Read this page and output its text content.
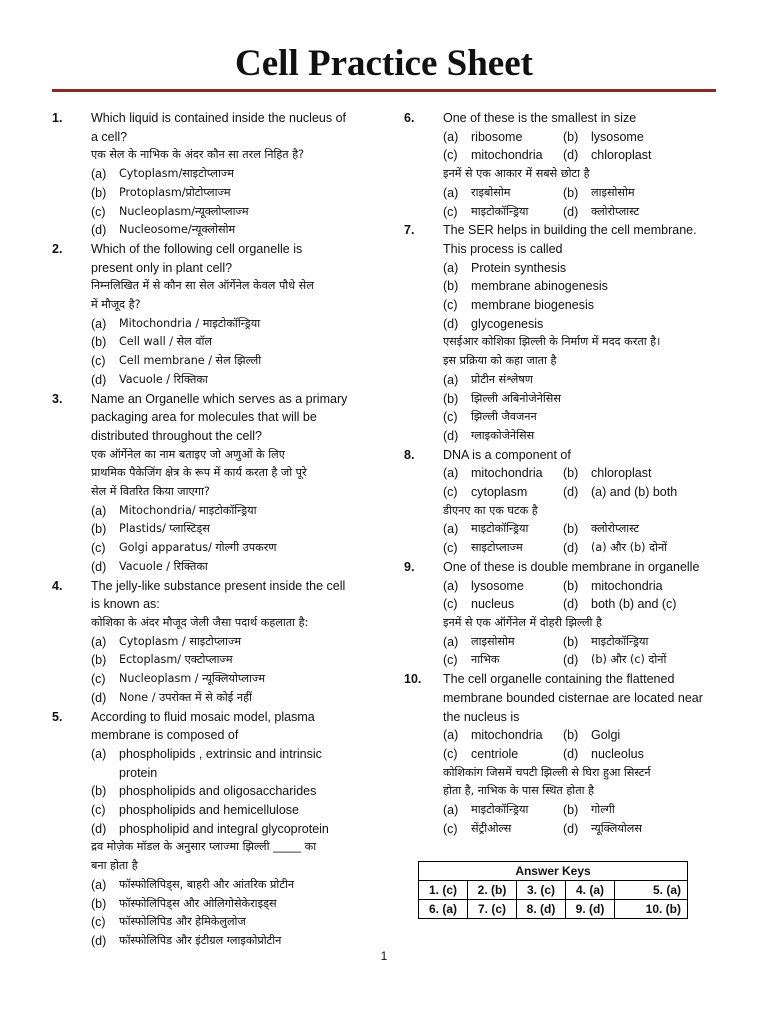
Cell Practice Sheet
1. Which liquid is contained inside the nucleus of
a cell?
एक सेल के नाभिक के अंदर कौन सा तरल निहित है?
(a)	Cytoplasm/साइटोप्लाज्म
(b)	Protoplasm/प्रोटोप्लाज्म
(c)	Nucleoplasm/न्यूक्लोप्लाज्म
(d)	Nucleosome/न्यूक्लोसोम
2. Which of the following cell organelle is
present only in plant cell?
निम्नलिखित में से कौन सा सेल ऑर्गेनेल केवल पौधे सेल
में मौजूद है?
(a)	Mitochondria / माइटोकॉन्ड्रिया
(b)	Cell wall / सेल वॉल
(c)	Cell membrane / सेल झिल्ली
(d)	Vacuole / रिक्तिका
3. Name an Organelle which serves as a primary
packaging area for molecules that will be
distributed throughout the cell?
एक ऑर्गेनेल का नाम बताइए जो अणुओं के लिए
प्राथमिक पैकेजिंग क्षेत्र के रूप में कार्य करता है जो पूरे
सेल में वितरित किया जाएगा?
(a)	Mitochondria/ माइटोकॉन्ड्रिया
(b)	Plastids/ प्लास्टिड्स
(c)	Golgi apparatus/ गोल्गी उपकरण
(d)	Vacuole / रिक्तिका
4. The jelly-like substance present inside the cell
is known as:
कोशिका के अंदर मौजूद जेली जैसा पदार्थ कहलाता है:
(a)	Cytoplasm / साइटोप्लाज्म
(b)	Ectoplasm/ एक्टोप्लाज्म
(c)	Nucleoplasm / न्यूक्लियोप्लाज्म
(d)	None / उपरोक्त में से कोई नहीं
5. According to fluid mosaic model, plasma
membrane is composed of
(a)	phospholipids , extrinsic and intrinsic
protein
(b)	phospholipids and oligosaccharides
(c)	phospholipids and hemicellulose
(d)	phospholipid and integral glycoprotein
द्रव मोज़ेक मॉडल के अनुसार प्लाज्मा झिल्ली _____ का
बना होता है
(a)	फॉस्फोलिपिड्स, बाहरी और आंतरिक प्रोटीन
(b)	फॉस्फोलिपिड्स और ओलिगोसेकेराइड्स
(c)	फॉस्फोलिपिड और हेमिकेलुलोज
(d)	फॉस्फोलिपिड और इंटीग्रल ग्लाइकोप्रोटीन
6. One of these is the smallest in size
(a)	ribosome	(b)	lysosome
(c)	mitochondria (d)	chloroplast
इनमें से एक आकार में सबसे छोटा है
(a)	राइबोसोम	(b)	लाइसोसोम
(c)	माइटोकॉन्ड्रिया	(d)	क्लोरोप्लास्ट
7. The SER helps in building the cell membrane.
This process is called
(a)	Protein synthesis
(b)	membrane abinogenesis
(c)	membrane biogenesis
(d)	glycogenesis
एसईआर कोशिका झिल्ली के निर्माण में मदद करता है।
इस प्रक्रिया को कहा जाता है
(a)	प्रोटीन संश्लेषण
(b)	झिल्ली अबिनोजेनेसिस
(c)	झिल्ली जैवजनन
(d)	ग्लाइकोजेनेसिस
8. DNA is a component of
(a)	mitochondria (b)	chloroplast
(c)	cytoplasm	(d)	(a) and (b) both
डीएनए का एक घटक है
(a)	माइटोकॉन्ड्रिया	(b)	क्लोरोप्लास्ट
(c)	साइटोप्लाज्म	(d)	(a) और (b) दोनों
9. One of these is double membrane in organelle
(a)	lysosome	(b)	mitochondria
(c)	nucleus	(d)	both (b) and (c)
इनमें से एक ऑर्गेनेल में दोहरी झिल्ली है
(a)	लाइसोसोम	(b)	माइटोकॉन्ड्रिया
(c)	नाभिक	(d)	(b) और (c) दोनों
10. The cell organelle containing the flattened
membrane bounded cisternae are located near
the nucleus is
(a)	mitochondria (b)	Golgi
(c)	centriole	(d)	nucleolus
कोशिकांग जिसमें चपटी झिल्ली से घिरा हुआ सिस्टर्न
होता है, नाभिक के पास स्थित होता है
(a)	माइटोकॉन्ड्रिया	(b)	गोल्गी
(c)	सेंट्रीओल्स	(d)	न्यूक्लियोलस
Answer Keys				
1. (c)	2. (b)	3. (c)	4. (a)	5. (a)
6. (a)	7. (c)	8. (d)	9. (d)	10. (b)
1
